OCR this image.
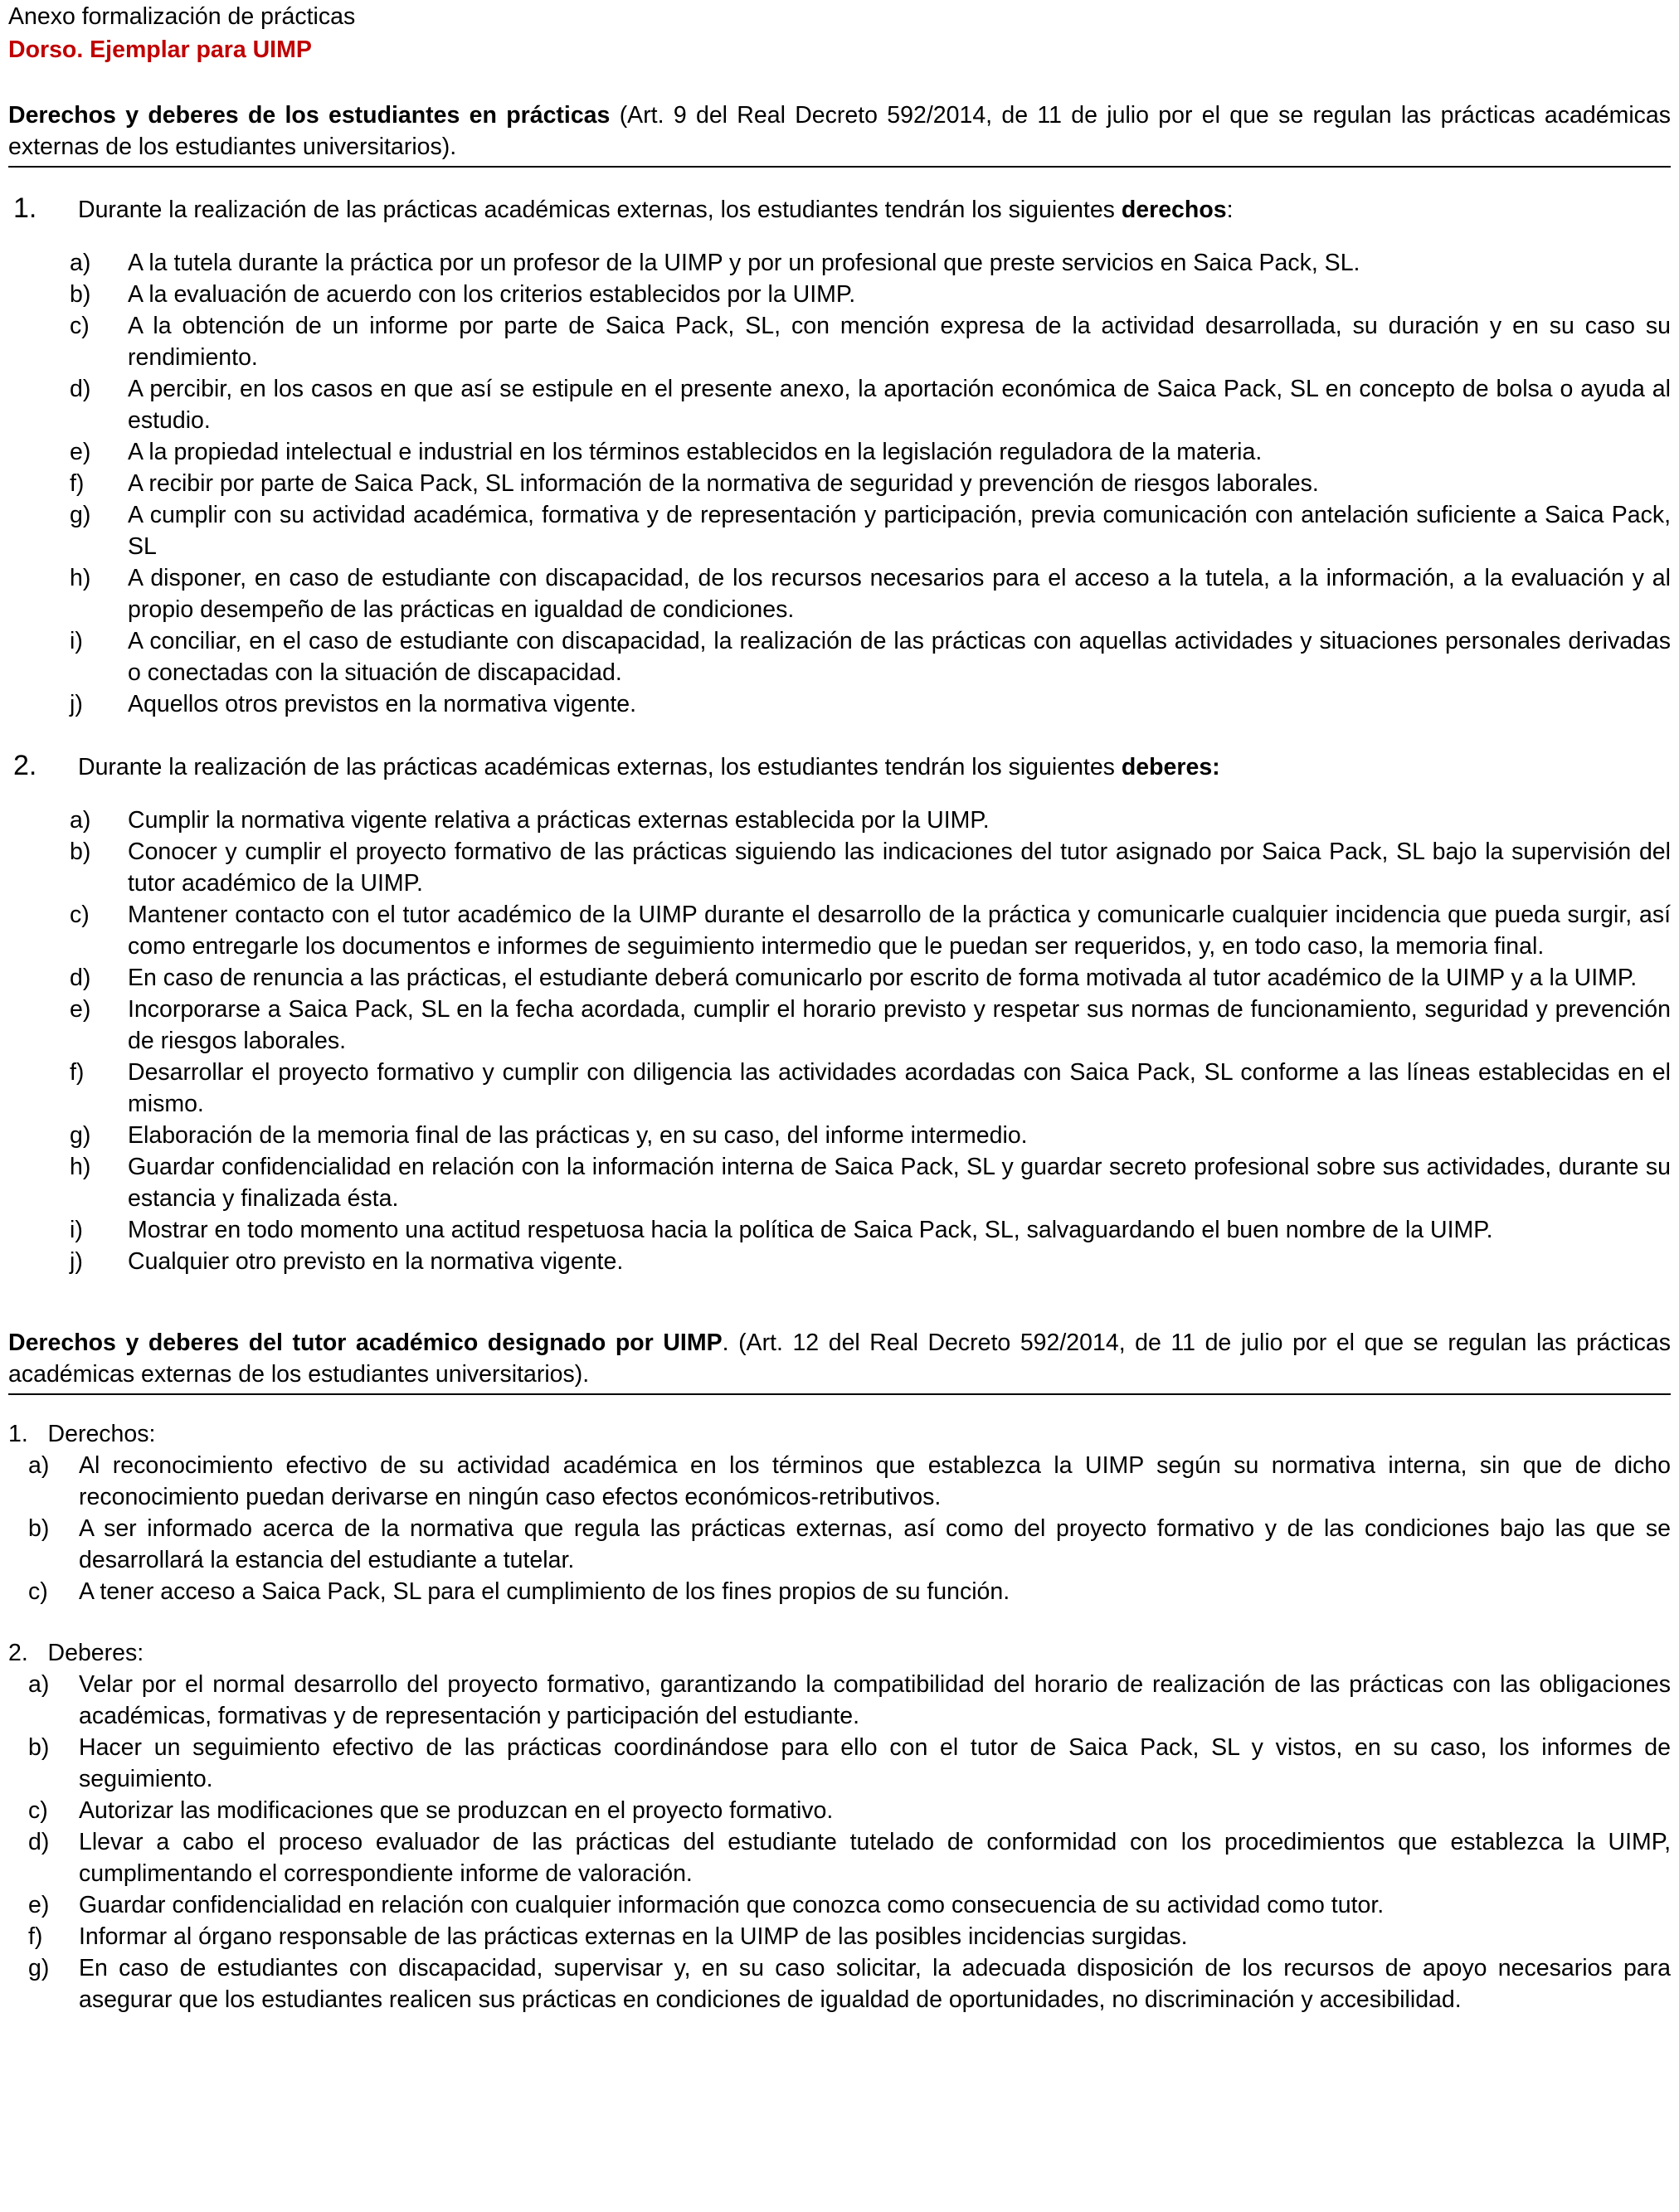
Anexo formalización de prácticas
Dorso. Ejemplar para UIMP
Derechos y deberes de los estudiantes en prácticas (Art. 9 del Real Decreto 592/2014, de 11 de julio por el que se regulan las prácticas académicas externas de los estudiantes universitarios).
1. Durante la realización de las prácticas académicas externas, los estudiantes tendrán los siguientes derechos:
a) A la tutela durante la práctica por un profesor de la UIMP y por un profesional que preste servicios en Saica Pack, SL.
b) A la evaluación de acuerdo con los criterios establecidos por la UIMP.
c) A la obtención de un informe por parte de Saica Pack, SL, con mención expresa de la actividad desarrollada, su duración y en su caso su rendimiento.
d) A percibir, en los casos en que así se estipule en el presente anexo, la aportación económica de Saica Pack, SL en concepto de bolsa o ayuda al estudio.
e) A la propiedad intelectual e industrial en los términos establecidos en la legislación reguladora de la materia.
f) A recibir por parte de Saica Pack, SL información de la normativa de seguridad y prevención de riesgos laborales.
g) A cumplir con su actividad académica, formativa y de representación y participación, previa comunicación con antelación suficiente a Saica Pack, SL
h) A disponer, en caso de estudiante con discapacidad, de los recursos necesarios para el acceso a la tutela, a la información, a la evaluación y al propio desempeño de las prácticas en igualdad de condiciones.
i) A conciliar, en el caso de estudiante con discapacidad, la realización de las prácticas con aquellas actividades y situaciones personales derivadas o conectadas con la situación de discapacidad.
j) Aquellos otros previstos en la normativa vigente.
2. Durante la realización de las prácticas académicas externas, los estudiantes tendrán los siguientes deberes:
a) Cumplir la normativa vigente relativa a prácticas externas establecida por la UIMP.
b) Conocer y cumplir el proyecto formativo de las prácticas siguiendo las indicaciones del tutor asignado por Saica Pack, SL bajo la supervisión del tutor académico de la UIMP.
c) Mantener contacto con el tutor académico de la UIMP durante el desarrollo de la práctica y comunicarle cualquier incidencia que pueda surgir, así como entregarle los documentos e informes de seguimiento intermedio que le puedan ser requeridos, y, en todo caso, la memoria final.
d) En caso de renuncia a las prácticas, el estudiante deberá comunicarlo por escrito de forma motivada al tutor académico de la UIMP y a la UIMP.
e) Incorporarse a Saica Pack, SL en la fecha acordada, cumplir el horario previsto y respetar sus normas de funcionamiento, seguridad y prevención de riesgos laborales.
f) Desarrollar el proyecto formativo y cumplir con diligencia las actividades acordadas con Saica Pack, SL conforme a las líneas establecidas en el mismo.
g) Elaboración de la memoria final de las prácticas y, en su caso, del informe intermedio.
h) Guardar confidencialidad en relación con la información interna de Saica Pack, SL y guardar secreto profesional sobre sus actividades, durante su estancia y finalizada ésta.
i) Mostrar en todo momento una actitud respetuosa hacia la política de Saica Pack, SL, salvaguardando el buen nombre de la UIMP.
j) Cualquier otro previsto en la normativa vigente.
Derechos y deberes del tutor académico designado por UIMP. (Art. 12 del Real Decreto 592/2014, de 11 de julio por el que se regulan las prácticas académicas externas de los estudiantes universitarios).
1.   Derechos:
a) Al reconocimiento efectivo de su actividad académica en los términos que establezca la UIMP según su normativa interna, sin que de dicho reconocimiento puedan derivarse en ningún caso efectos económicos-retributivos.
b) A ser informado acerca de la normativa que regula las prácticas externas, así como del proyecto formativo y de las condiciones bajo las que se desarrollará la estancia del estudiante a tutelar.
c) A tener acceso a Saica Pack, SL para el cumplimiento de los fines propios de su función.
2.   Deberes:
a) Velar por el normal desarrollo del proyecto formativo, garantizando la compatibilidad del horario de realización de las prácticas con las obligaciones académicas, formativas y de representación y participación del estudiante.
b) Hacer un seguimiento efectivo de las prácticas coordinándose para ello con el tutor de Saica Pack, SL y vistos, en su caso, los informes de seguimiento.
c) Autorizar las modificaciones que se produzcan en el proyecto formativo.
d) Llevar a cabo el proceso evaluador de las prácticas del estudiante tutelado de conformidad con los procedimientos que establezca la UIMP, cumplimentando el correspondiente informe de valoración.
e) Guardar confidencialidad en relación con cualquier información que conozca como consecuencia de su actividad como tutor.
f) Informar al órgano responsable de las prácticas externas en la UIMP de las posibles incidencias surgidas.
g) En caso de estudiantes con discapacidad, supervisar y, en su caso solicitar, la adecuada disposición de los recursos de apoyo necesarios para asegurar que los estudiantes realicen sus prácticas en condiciones de igualdad de oportunidades, no discriminación y accesibilidad.
